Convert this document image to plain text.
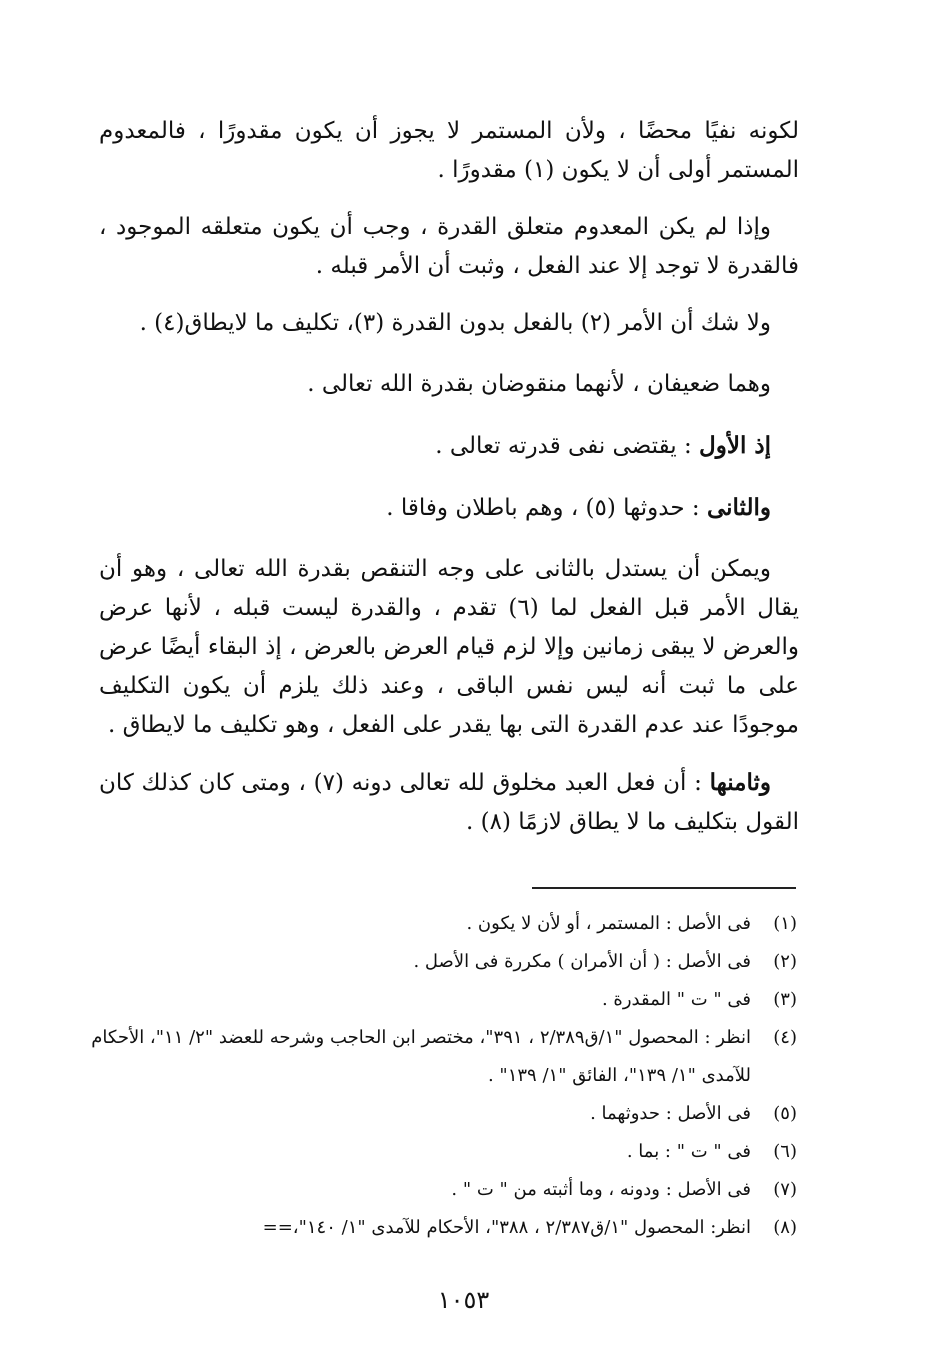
لكونه نفيًا محضًا ، ولأن المستمر لا يجوز أن يكون مقدورًا ، فالمعدوم المستمر أولى أن لا يكون (١) مقدورًا .

وإذا لم يكن المعدوم متعلق القدرة ، وجب أن يكون متعلقه الموجود ، فالقدرة لا توجد إلا عند الفعل ، وثبت أن الأمر قبله .

ولا شك أن الأمر (٢) بالفعل بدون القدرة (٣)، تكليف ما لايطاق(٤) .

وهما ضعيفان ، لأنهما منقوضان بقدرة الله تعالى .

إذ الأول : يقتضى نفى قدرته تعالى .

والثانى : حدوثها (٥) ، وهم باطلان وفاقا .

ويمكن أن يستدل بالثانى على وجه التنقص بقدرة الله تعالى ، وهو أن يقال الأمر قبل الفعل لما (٦) تقدم ، والقدرة ليست قبله ، لأنها عرض والعرض لا يبقى زمانين وإلا لزم قيام العرض بالعرض ، إذ البقاء أيضًا عرض على ما ثبت أنه ليس نفس الباقى ، وعند ذلك يلزم أن يكون التكليف موجودًا عند عدم القدرة التى بها يقدر على الفعل ، وهو تكليف ما لايطاق .

وثامنها : أن فعل العبد مخلوق لله تعالى دونه (٧) ، ومتى كان كذلك كان القول بتكليف ما لا يطاق لازمًا (٨) .

(١)
فى الأصل : المستمر ، أو لأن لا يكون .
(٢)
فى الأصل : ( أن الأمران ) مكررة فى الأصل .
(٣)
فى " ت " المقدرة .
(٤)
انظر : المحصول "١/ق٢/٣٨٩ ، ٣٩١"، مختصر ابن الحاجب وشرحه للعضد "٢/ ١١"، الأحكام للآمدى "١/ ١٣٩"، الفائق "١/ ١٣٩" .
(٥)
فى الأصل : حدوثهما .
(٦)
فى " ت " : بما .
(٧)
فى الأصل : ودونه ، وما أثبته من " ت " .
(٨)
انظر: المحصول "١/ق٢/٣٨٧ ، ٣٨٨"، الأحكام للآمدى "١/ ١٤٠"،==
١٠٥٣
